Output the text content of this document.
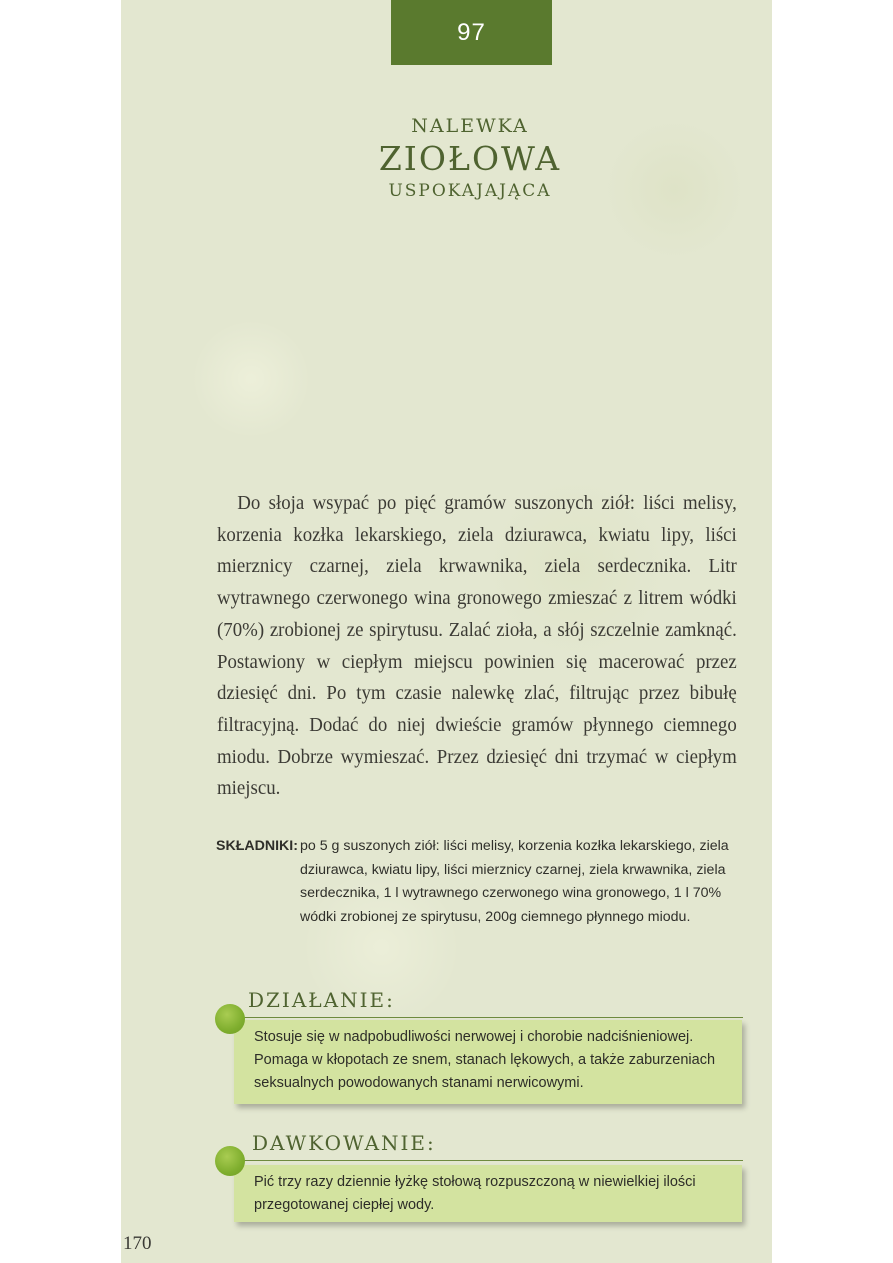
97
NALEWKA
ZIOŁOWA
USPOKAJAJĄCA
Do słoja wsypać po pięć gramów suszonych ziół: liści melisy, korzenia kozłka lekarskiego, ziela dziurawca, kwiatu lipy, liści mierznicy czarnej, ziela krwawnika, ziela serdecznika. Litr wytrawnego czerwonego wina gronowego zmieszać z litrem wódki (70%) zrobionej ze spirytusu. Zalać zioła, a słój szczelnie zamknąć. Postawiony w ciepłym miejscu powinien się macerować przez dziesięć dni. Po tym czasie nalewkę zlać, filtrując przez bibułę filtracyjną. Dodać do niej dwieście gramów płynnego ciemnego miodu. Dobrze wymieszać. Przez dziesięć dni trzymać w ciepłym miejscu.
SKŁADNIKI: po 5 g suszonych ziół: liści melisy, korzenia kozłka lekarskiego, ziela dziurawca, kwiatu lipy, liści mierznicy czarnej, ziela krwawnika, ziela serdecznika, 1 l wytrawnego czerwonego wina gronowego, 1 l 70% wódki zrobionej ze spirytusu, 200g ciemnego płynnego miodu.
DZIAŁANIE:
Stosuje się w nadpobudliwości nerwowej i chorobie nadciśnieniowej. Pomaga w kłopotach ze snem, stanach lękowych, a także zaburzeniach seksualnych powodowanych stanami nerwicowymi.
DAWKOWANIE:
Pić trzy razy dziennie łyżkę stołową rozpuszczoną w niewielkiej ilości przegotowanej ciepłej wody.
170
